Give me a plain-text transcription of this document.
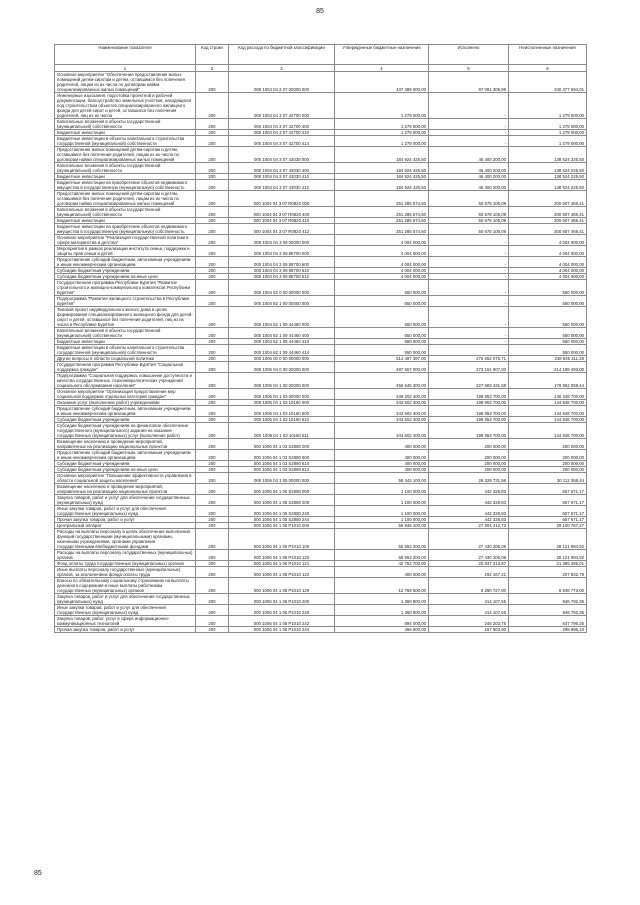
85
Наименование показателя	Код строки	Код расхода по бюджетной классификации	Утвержденные бюджетные назначения	Исполнено	Неисполненные назначения
1	2	3	4	5	6
Основное мероприятие "Обеспечение предоставления жилых помещений детям-сиротам и детям, оставшимся без попечения родителей, лицам из их числа по договорам найма специализированных жилых помещений"	200	000 1004 04 3 07 00000 000	437 489 000,00	97 091 305,99	340 377 694,01
Инженерные изыскания, подготовка проектной и рабочей документации, благоустройство земельных участков, находящихся под строительством объектов специализированного жилищного фонда для детей-сирот и детей, оставшихся без попечения родителей, лиц из их числа	200	000 1004 04 3 07 42700 000	1 279 000,00	-	1 279 000,00
Капитальные вложения в объекты государственной (муниципальной) собственности	200	000 1004 04 3 07 42700 400	1 279 000,00	-	1 279 000,00
Бюджетные инвестиции	200	000 1004 04 3 07 42700 410	1 279 000,00	-	1 279 000,00
Бюджетные инвестиции в объекты капитального строительства государственной (муниципальной) собственности	200	000 1004 04 3 07 42700 414	1 279 000,00	-	1 279 000,00
Предоставление жилых помещений детям-сиротам и детям, оставшимся без попечения родителей, лицам из их числа по договорам найма специализированных жилых помещений	200	000 1004 04 3 07 43030 000	184 924 425,50	46 400 200,00	138 524 225,50
Капитальные вложения в объекты государственной (муниципальной) собственности	200	000 1004 04 3 07 43030 400	184 924 425,50	46 400 200,00	138 524 225,50
Бюджетные инвестиции	200	000 1004 04 3 07 43030 410	184 924 425,50	46 400 200,00	138 524 225,50
Бюджетные инвестиции на приобретение объектов недвижимого имущества в государственную (муниципальную) собственность	200	000 1004 04 3 07 43030 412	184 924 425,50	46 400 200,00	138 524 225,50
Предоставление жилых помещений детям-сиротам и детям, оставшимся без попечения родителей, лицам из их числа по договорам найма специализированных жилых помещений	200	000 1004 04 3 07 R0820 000	251 285 574,50	50 678 105,09	200 607 469,41
Капитальные вложения в объекты государственной (муниципальной) собственности	200	000 1004 04 3 07 R0820 400	251 285 574,50	50 678 105,09	200 607 469,41
Бюджетные инвестиции	200	000 1004 04 3 07 R0820 410	251 285 574,50	50 678 105,09	200 607 469,41
Бюджетные инвестиции на приобретение объектов недвижимого имущества в государственную (муниципальную) собственность	200	000 1004 04 3 07 R0820 412	251 285 574,50	50 678 105,09	200 607 469,41
Основное мероприятие "Реализация государственной политики в сфере материнства и детства"	200	000 1004 04 3 09 00000 000	4 004 000,00	-	4 004 000,00
Мероприятия в рамках реализации института семьи, поддержки и защиты прав семьи и детей	200	000 1004 04 3 09 88700 000	4 004 000,00	-	4 004 000,00
Предоставление субсидий бюджетным, автономным учреждениям и иным некоммерческим организациям	200	000 1004 04 3 09 88700 600	4 004 000,00	-	4 004 000,00
Субсидии бюджетным учреждениям	200	000 1004 04 3 09 88700 610	4 004 000,00	-	4 004 000,00
Субсидии бюджетным учреждениям на иные цели	200	000 1004 04 3 09 88700 612	4 004 000,00	-	4 004 000,00
Государственная программа Республики Бурятия "Развитие строительного и жилищно-коммунального комплексов Республики Бурятия"	200	000 1004 62 0 00 00000 000	550 000,00	-	550 000,00
Подпрограмма "Развитие жилищного строительства в Республике Бурятия"	200	000 1004 62 1 00 00000 000	550 000,00	-	550 000,00
Типовой проект индивидуального жилого дома в целях формирования специализированного жилищного фонда для детей-сирот и детей, оставшихся без попечения родителей, лиц из их числа в Республике Бурятия	200	000 1004 62 1 09 44460 000	550 000,00	-	550 000,00
Капитальные вложения в объекты государственной (муниципальной) собственности	200	000 1004 62 1 09 44460 400	550 000,00	-	550 000,00
Бюджетные инвестиции	200	000 1004 62 1 09 44460 410	550 000,00	-	550 000,00
Бюджетные инвестиции в объекты капитального строительства государственной (муниципальной) собственности	200	000 1004 62 1 09 44460 414	550 000,00	-	550 000,00
Другие вопросы в области социальной политики	200	000 1006 00 0 00 00000 000	514 497 387,00	275 652 075,71	238 845 311,29
Государственная программа Республики Бурятия "Социальная поддержка граждан"	200	000 1006 04 0 00 00000 000	487 557 000,00	273 161 907,00	214 195 493,00
Подпрограмма "Социальная поддержка, повышение доступности и качества государственных, психоневрологических учреждений социального обслуживания населения"	200	000 1006 04 1 00 00000 000	456 645 300,00	227 683 431,58	178 962 068,44
Основное мероприятие "Организация предоставления мер социальной поддержки отдельных категорий граждан"	200	000 1006 04 1 03 00000 000	346 202 400,00	199 853 700,00	146 348 700,00
Оказание услуг (выполнение работ) учреждениями	200	000 1006 04 1 03 10160 000	343 602 400,00	198 853 700,00	144 848 700,00
Предоставление субсидий бюджетным, автономным учреждениям и иным некоммерческим организациям	200	000 1006 04 1 03 10160 600	343 602 400,00	198 853 700,00	144 848 700,00
Субсидии бюджетным учреждениям	200	000 1006 04 1 03 10160 610	343 602 400,00	198 853 700,00	144 848 700,00
Субсидии бюджетным учреждениям на финансовое обеспечение государственного (муниципального) задания на оказание государственных (муниципальных) услуг (выполнение работ)	200	000 1006 04 1 03 10160 611	343 602 400,00	198 853 700,00	144 848 700,00
Возмещение населению и проведение мероприятий, направленных на реализацию национальных проектов	200	000 1006 04 1 03 S2880 000	400 000,00	200 000,00	200 000,00
Предоставление субсидий бюджетным, автономным учреждениям и иным некоммерческим организациям	200	000 1006 04 1 03 S2880 600	400 000,00	200 000,00	200 000,00
Субсидии бюджетным учреждениям	200	000 1006 04 1 03 S2880 610	400 000,00	200 000,00	200 000,00
Субсидии бюджетным учреждениям на иные цели	200	000 1006 04 1 03 S2880 612	400 000,00	200 000,00	200 000,00
Основное мероприятие "Повышение эффективности управления в области социальной защиты населения"	200	000 1006 04 1 05 00000 000	58 442 100,00	28 329 731,58	30 112 368,44
Возмещение населению и проведение мероприятий, направленных на реализацию национальных проектов	200	000 1006 04 1 05 S2880 000	1 100 000,00	442 328,83	657 671,17
Закупка товаров, работ и услуг для обеспечения государственных (муниципальных) нужд	200	000 1006 04 1 05 S2880 200	1 100 000,00	442 328,83	657 671,17
Иные закупки товаров, работ и услуг для обеспечения государственных (муниципальных) нужд	200	000 1006 04 1 05 S2880 240	1 100 000,00	442 328,83	657 671,17
Прочая закупка товаров, работ и услуг	200	000 1006 04 1 05 S2880 244	1 100 000,00	442 328,83	657 671,17
Центральный аппарат	200	000 1006 04 1 05 P1010 000	56 946 100,00	27 804 412,73	29 100 767,27
Расходы на выплаты персоналу в целях обеспечения выполнения функций государственными (муниципальными) органами, казенными учреждениями, органами управления государственными внебюджетными фондами	200	000 1006 04 1 05 P1010 100	55 552 200,00	27 430 205,08	28 121 994,92
Расходы на выплаты персоналу государственных (муниципальных) органов	200	000 1006 04 1 05 P1010 120	55 552 200,00	27 430 205,08	28 121 994,92
Фонд оплаты труда государственных (муниципальных) органов	200	000 1006 04 1 05 P1010 121	42 752 700,00	20 837 313,87	21 385 385,01
Иные выплаты персоналу государственных (муниципальных) органов, за исключением фонда оплаты труда	200	000 1006 04 1 05 P1010 122	400 000,00	192 167,21	207 832,79
Взносы по обязательному социальному страхованию на выплаты денежного содержания и иные выплаты работникам государственных (муниципальных) органов	200	000 1006 04 1 05 P1010 129	12 759 500,00	6 290 727,00	6 848 773,00
Закупка товаров, работ и услуг для обеспечения государственных (муниципальных) нужд	200	000 1006 04 1 05 P1010 200	1 360 900,00	414 107,65	946 792,35
Иные закупки товаров, работ и услуг для обеспечения государственных (муниципальных) нужд	200	000 1006 04 1 05 P1010 240	1 360 900,00	414 107,65	946 792,35
Закупка товаров, работ, услуг в сфере информационно-коммуникационных технологий	200	000 1006 04 1 05 P1010 242	894 000,00	246 203,75	647 796,25
Прочая закупка товаров, работ и услуг	200	000 1006 04 1 05 P1010 244	466 900,00	167 903,90	298 996,10
85
